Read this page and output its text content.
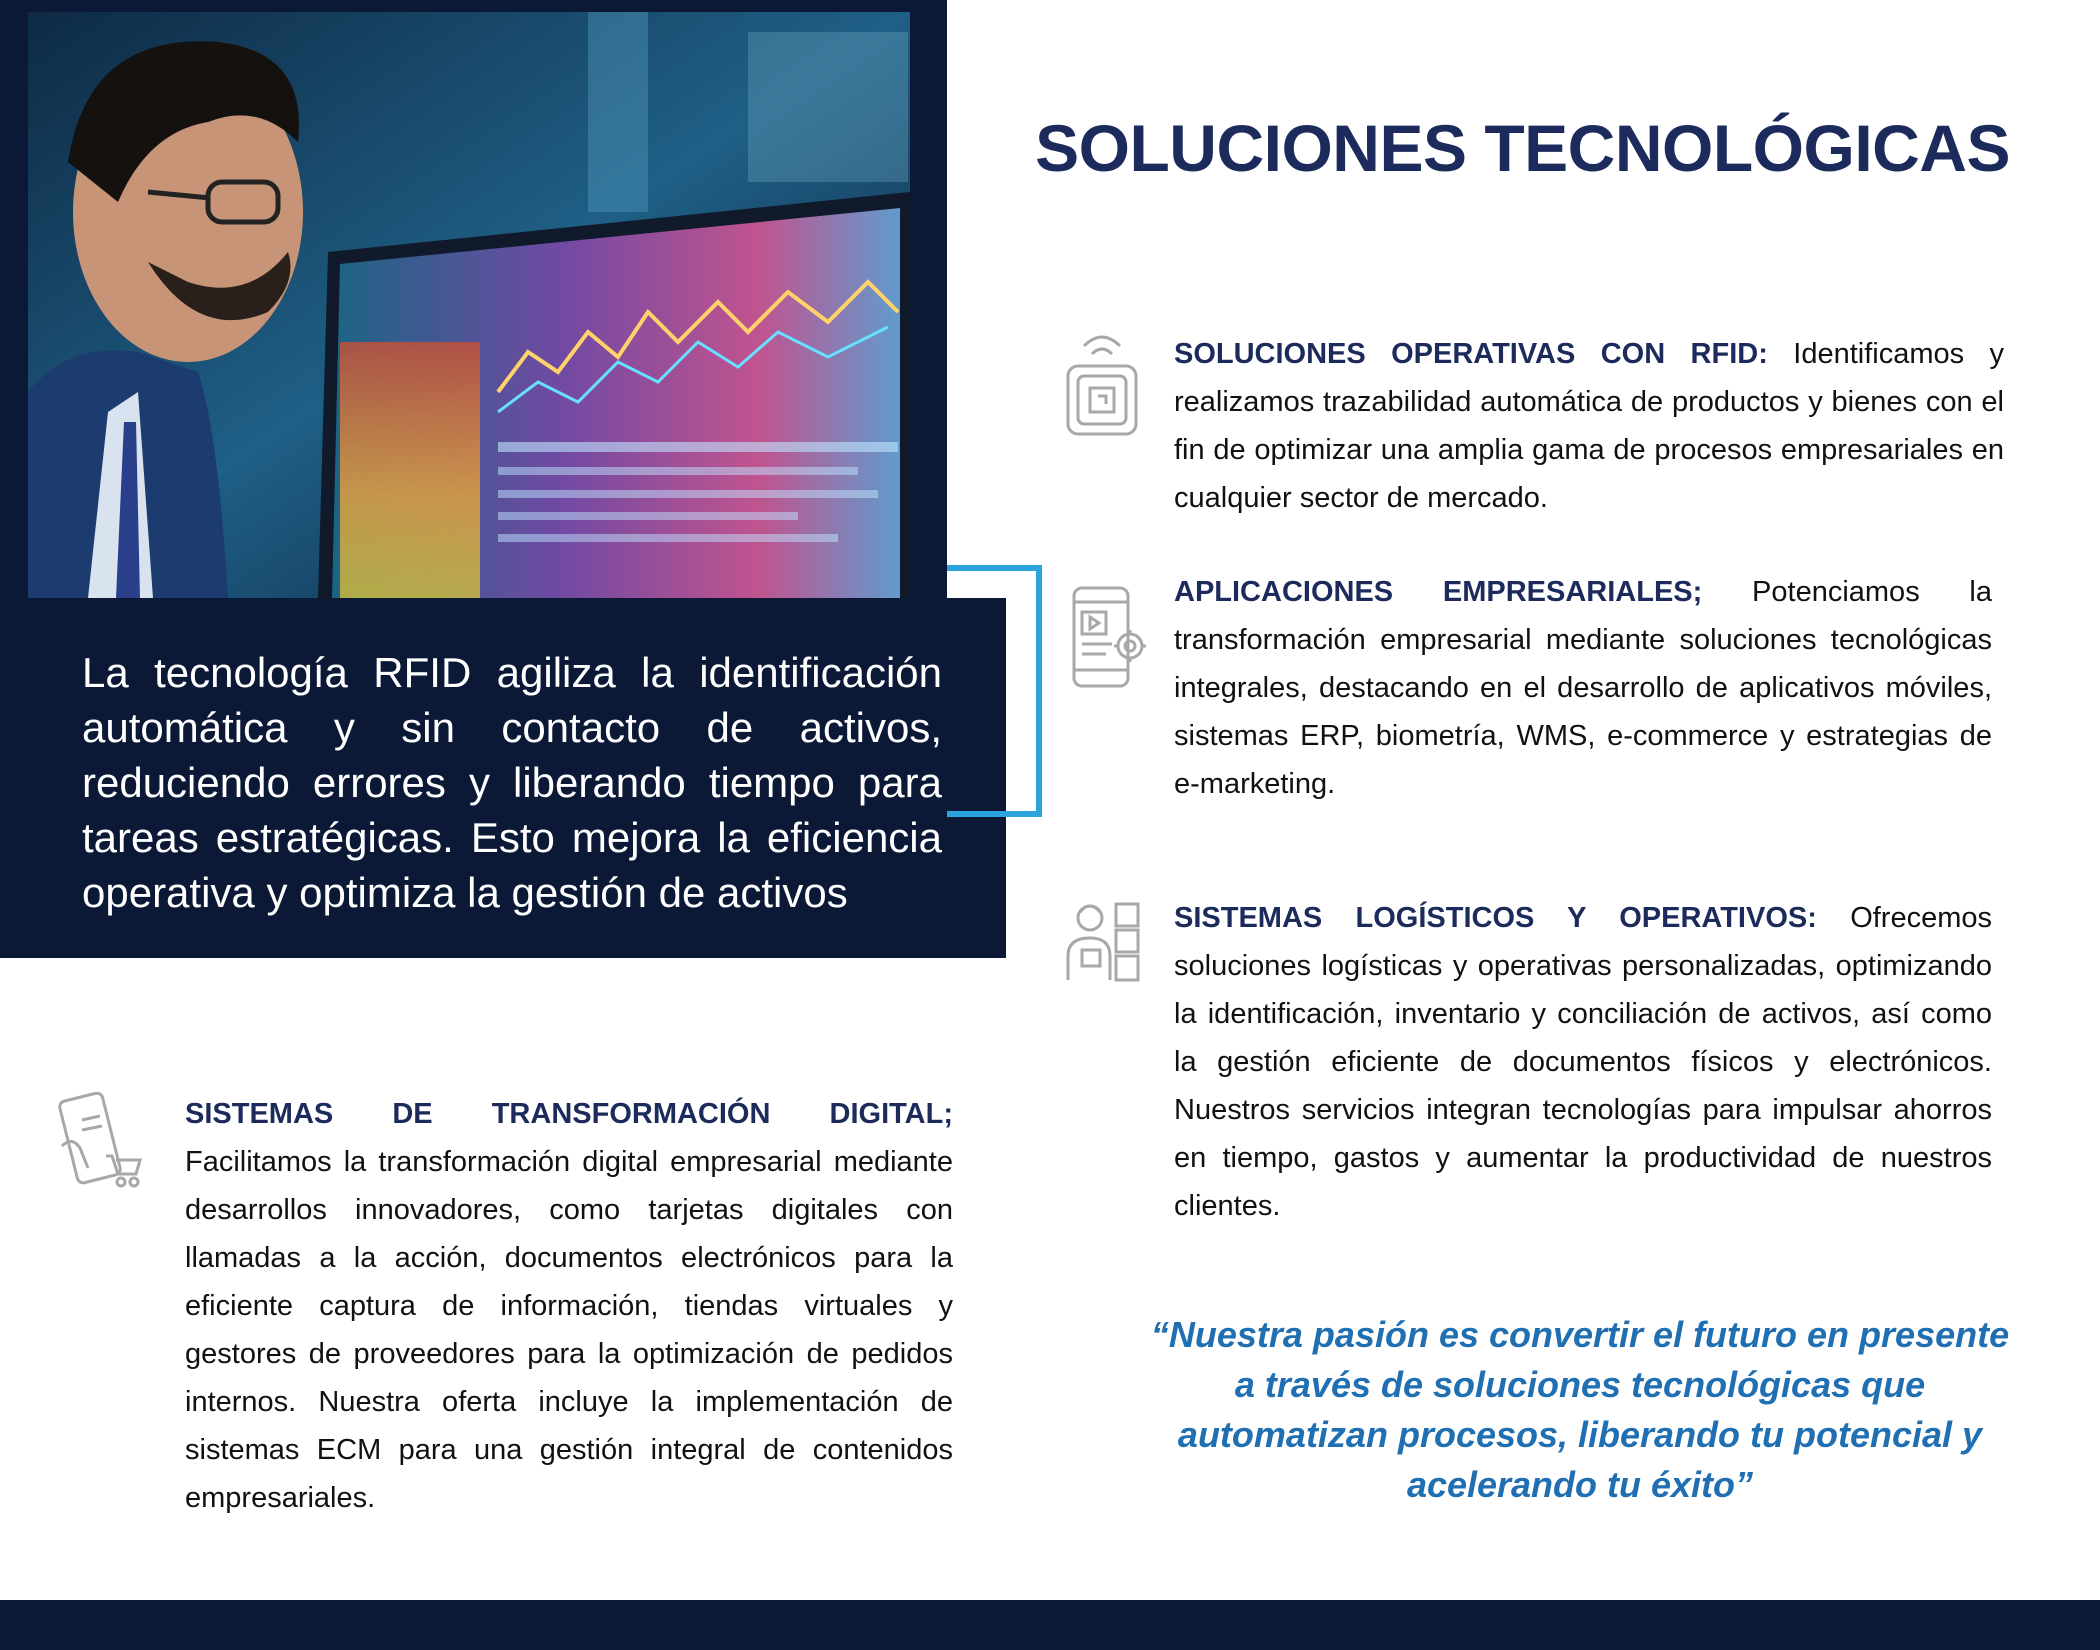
La tecnología RFID agiliza la identificación automática y sin contacto de activos, reduciendo errores y liberando tiempo para tareas estratégicas. Esto mejora la eficiencia operativa y optimiza la gestión de activos
SOLUCIONES TECNOLÓGICAS
SOLUCIONES OPERATIVAS CON RFID: Identificamos y realizamos trazabilidad automática de productos y bienes con el fin de optimizar una amplia gama de procesos empresariales en cualquier sector de mercado.
APLICACIONES EMPRESARIALES; Potenciamos la transformación empresarial mediante soluciones tecnológicas integrales, destacando en el desarrollo de aplicativos móviles, sistemas ERP, biometría, WMS, e-commerce y estrategias de e-marketing.
SISTEMAS LOGÍSTICOS Y OPERATIVOS: Ofrecemos soluciones logísticas y operativas personalizadas, optimizando la identificación, inventario y conciliación de activos, así como la gestión eficiente de documentos físicos y electrónicos. Nuestros servicios integran tecnologías para impulsar ahorros en tiempo, gastos y aumentar la productividad de nuestros clientes.
SISTEMAS DE TRANSFORMACIÓN DIGITAL; Facilitamos la transformación digital empresarial mediante desarrollos innovadores, como tarjetas digitales con llamadas a la acción, documentos electrónicos para la eficiente captura de información, tiendas virtuales y gestores de proveedores para la optimización de pedidos internos. Nuestra oferta incluye la implementación de sistemas ECM para una gestión integral de contenidos empresariales.
“Nuestra pasión es convertir el futuro en presente a través de soluciones tecnológicas que automatizan procesos, liberando tu potencial y acelerando tu éxito”
